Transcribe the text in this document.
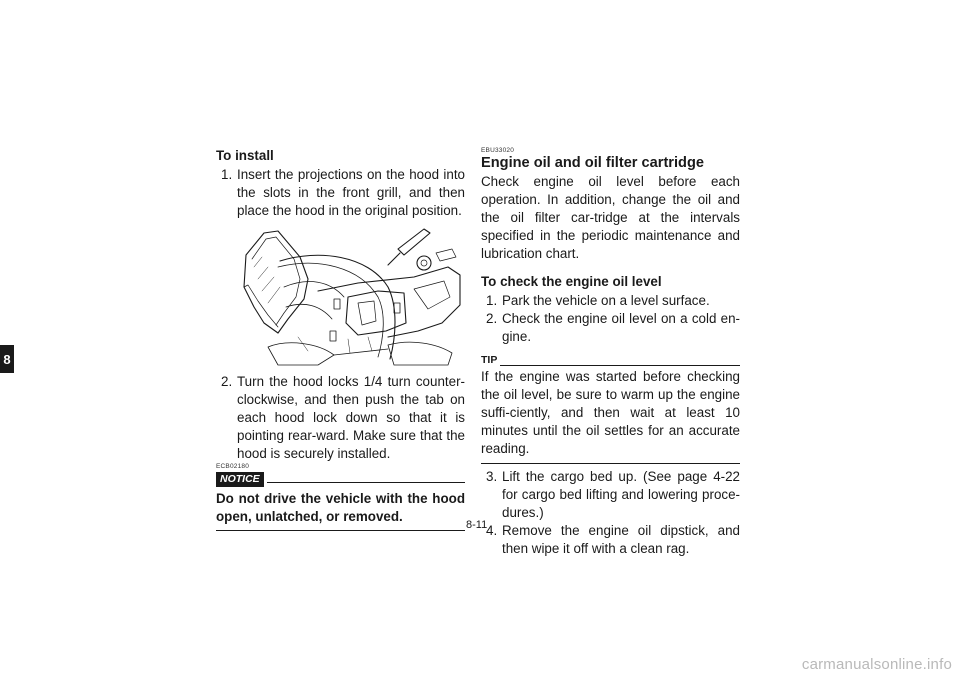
8
To install
1. Insert the projections on the hood into the slots in the front grill, and then place the hood in the original position.
2. Turn the hood locks 1/4 turn counter-clockwise, and then push the tab on each hood lock down so that it is pointing rear-ward. Make sure that the hood is securely installed.
ECB02180
NOTICE
Do not drive the vehicle with the hood open, unlatched, or removed.
EBU33020
Engine oil and oil filter cartridge
Check engine oil level before each operation. In addition, change the oil and the oil filter car-tridge at the intervals specified in the periodic maintenance and lubrication chart.
To check the engine oil level
1. Park the vehicle on a level surface.
2. Check the engine oil level on a cold en-gine.
TIP
If the engine was started before checking the oil level, be sure to warm up the engine suffi-ciently, and then wait at least 10 minutes until the oil settles for an accurate reading.
3. Lift the cargo bed up. (See page 4-22 for cargo bed lifting and lowering proce-dures.)
4. Remove the engine oil dipstick, and then wipe it off with a clean rag.
8-11
carmanualsonline.info
